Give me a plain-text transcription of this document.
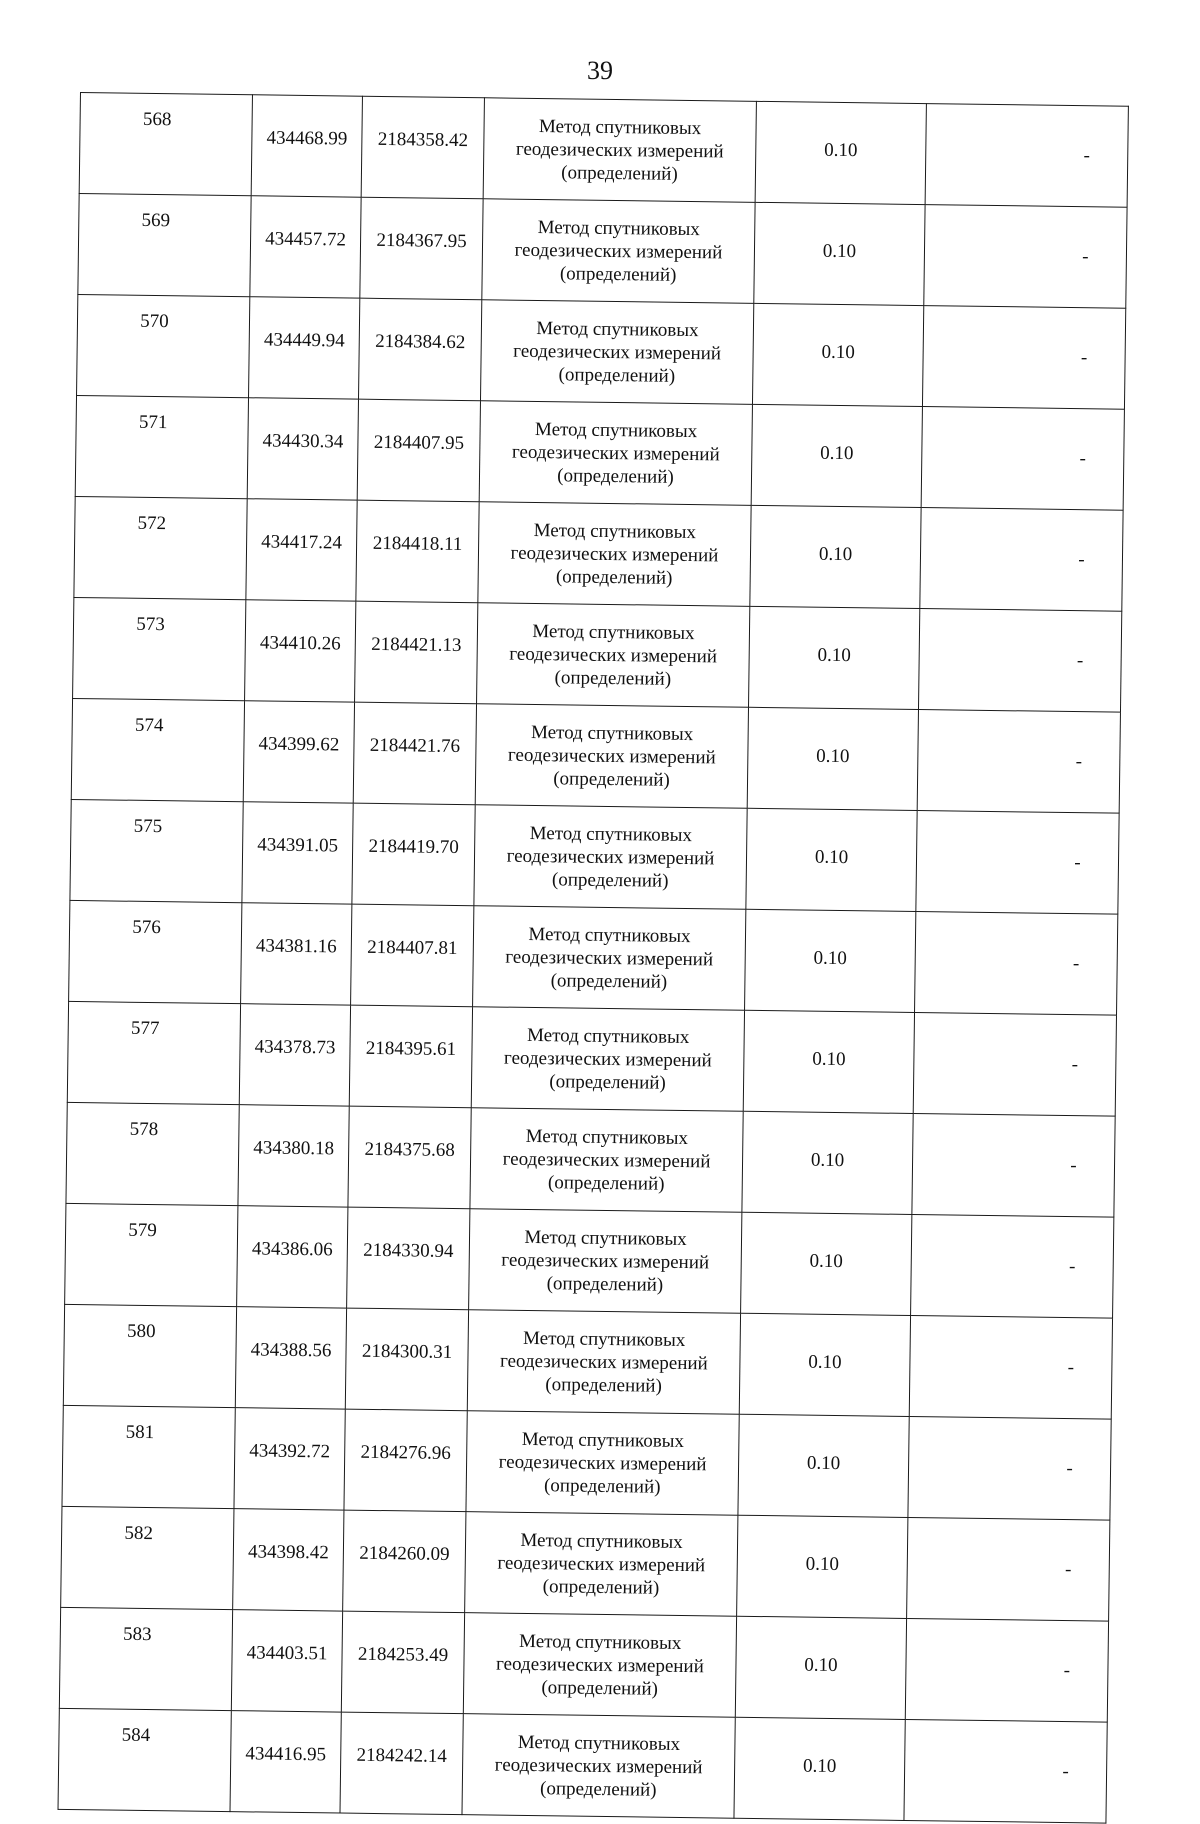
39
568	434468.99	2184358.42	Метод спутниковых
геодезических измерений
(определений)	0.10	-
569	434457.72	2184367.95	Метод спутниковых
геодезических измерений
(определений)	0.10	-
570	434449.94	2184384.62	Метод спутниковых
геодезических измерений
(определений)	0.10	-
571	434430.34	2184407.95	Метод спутниковых
геодезических измерений
(определений)	0.10	-
572	434417.24	2184418.11	Метод спутниковых
геодезических измерений
(определений)	0.10	-
573	434410.26	2184421.13	Метод спутниковых
геодезических измерений
(определений)	0.10	-
574	434399.62	2184421.76	Метод спутниковых
геодезических измерений
(определений)	0.10	-
575	434391.05	2184419.70	Метод спутниковых
геодезических измерений
(определений)	0.10	-
576	434381.16	2184407.81	Метод спутниковых
геодезических измерений
(определений)	0.10	-
577	434378.73	2184395.61	Метод спутниковых
геодезических измерений
(определений)	0.10	-
578	434380.18	2184375.68	Метод спутниковых
геодезических измерений
(определений)	0.10	-
579	434386.06	2184330.94	Метод спутниковых
геодезических измерений
(определений)	0.10	-
580	434388.56	2184300.31	Метод спутниковых
геодезических измерений
(определений)	0.10	-
581	434392.72	2184276.96	Метод спутниковых
геодезических измерений
(определений)	0.10	-
582	434398.42	2184260.09	Метод спутниковых
геодезических измерений
(определений)	0.10	-
583	434403.51	2184253.49	Метод спутниковых
геодезических измерений
(определений)	0.10	-
584	434416.95	2184242.14	Метод спутниковых
геодезических измерений
(определений)	0.10	-
